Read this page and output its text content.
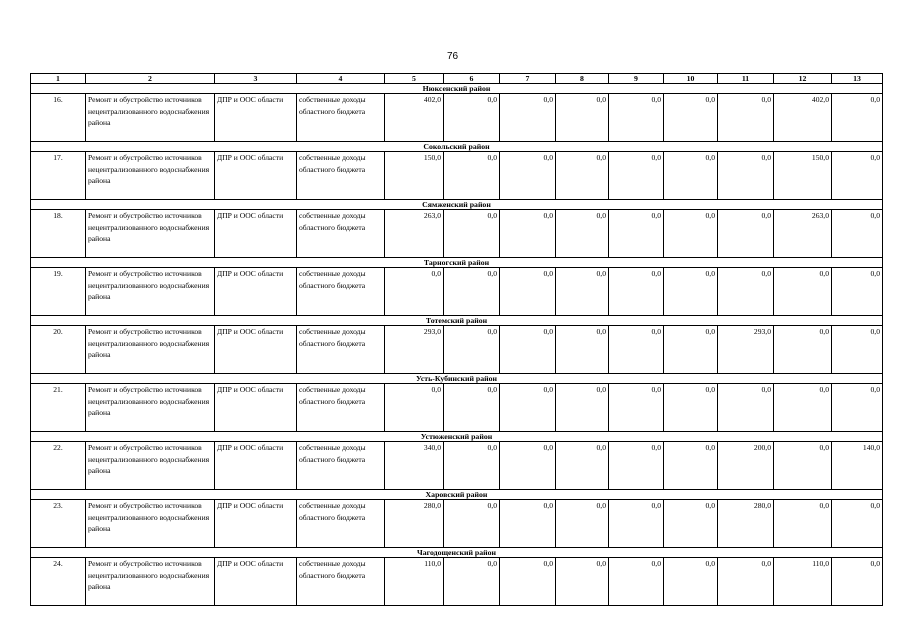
76
1	2	3	4	5	6	7	8	9	10	11	12	13
Нюксенский район												
16.	Ремонт и обустройство источников нецентрализованного водоснабжения района	ДПР и ООС области	собственные доходы областного бюджета	402,0	0,0	0,0	0,0	0,0	0,0	0,0	402,0	0,0
Сокольский район												
17.	Ремонт и обустройство источников нецентрализованного водоснабжения района	ДПР и ООС области	собственные доходы областного бюджета	150,0	0,0	0,0	0,0	0,0	0,0	0,0	150,0	0,0
Сямженский район												
18.	Ремонт и обустройство источников нецентрализованного водоснабжения района	ДПР и ООС области	собственные доходы областного бюджета	263,0	0,0	0,0	0,0	0,0	0,0	0,0	263,0	0,0
Тарногский район												
19.	Ремонт и обустройство источников нецентрализованного водоснабжения района	ДПР и ООС области	собственные доходы областного бюджета	0,0	0,0	0,0	0,0	0,0	0,0	0,0	0,0	0,0
Тотемский район												
20.	Ремонт и обустройство источников нецентрализованного водоснабжения района	ДПР и ООС области	собственные доходы областного бюджета	293,0	0,0	0,0	0,0	0,0	0,0	293,0	0,0	0,0
Усть-Кубинский район												
21.	Ремонт и обустройство источников нецентрализованного водоснабжения района	ДПР и ООС области	собственные доходы областного бюджета	0,0	0,0	0,0	0,0	0,0	0,0	0,0	0,0	0,0
Устюженский район												
22.	Ремонт и обустройство источников нецентрализованного водоснабжения района	ДПР и ООС области	собственные доходы областного бюджета	340,0	0,0	0,0	0,0	0,0	0,0	200,0	0,0	140,0
Харовский район												
23.	Ремонт и обустройство источников нецентрализованного водоснабжения района	ДПР и ООС области	собственные доходы областного бюджета	280,0	0,0	0,0	0,0	0,0	0,0	280,0	0,0	0,0
Чагодощенский район												
24.	Ремонт и обустройство источников нецентрализованного водоснабжения района	ДПР и ООС области	собственные доходы областного бюджета	110,0	0,0	0,0	0,0	0,0	0,0	0,0	110,0	0,0
